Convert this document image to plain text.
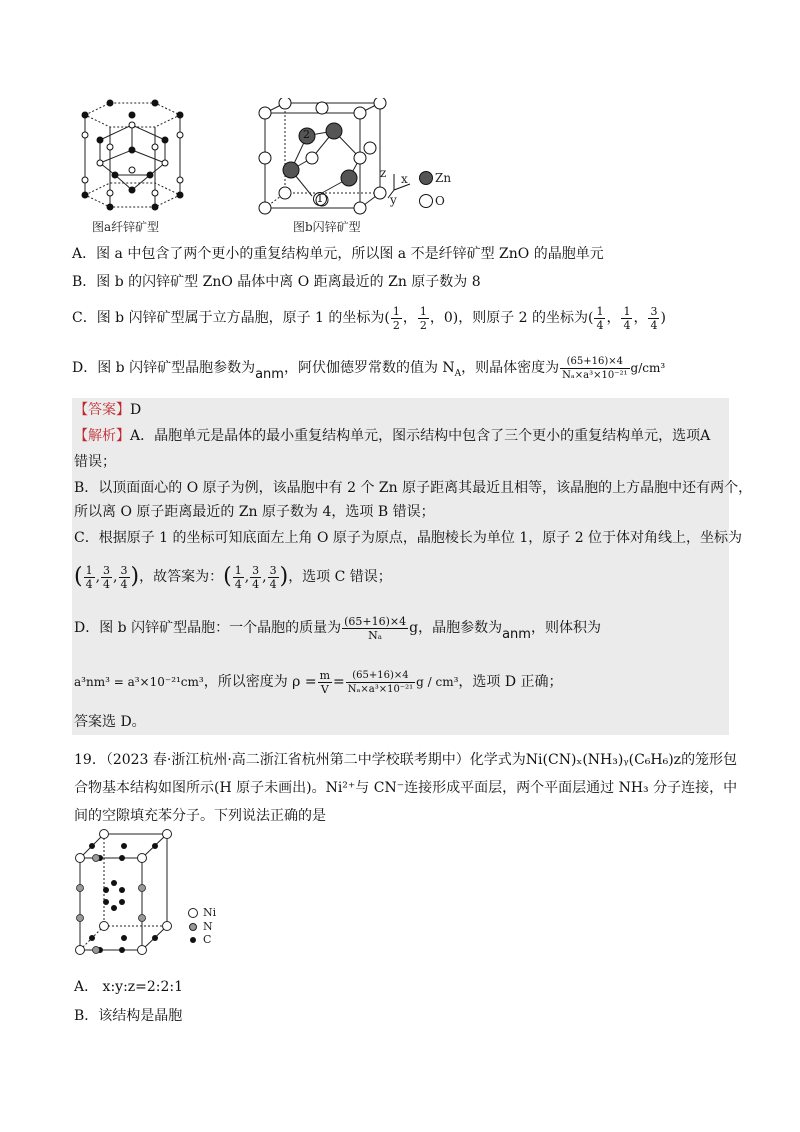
图a纤锌矿型
2
1
图b闪锌矿型
z x
y
Zn
O
A．图 a 中包含了两个更小的重复结构单元，所以图 a 不是纤锌矿型 ZnO 的晶胞单元
B．图 b 的闪锌矿型 ZnO 晶体中离 O 距离最近的 Zn 原子数为 8
C．图 b 闪锌矿型属于立方晶胞，原子 1 的坐标为( $\frac{1}{2}$ ， $\frac{1}{2}$ ，0)，则原子 2 的坐标为( $\frac{1}{4}$ ， $\frac{1}{4}$ ， $\frac{3}{4}$ )
D．图 b 闪锌矿型晶胞参数为anm，阿伏伽德罗常数的值为 $N_A$，则晶体密度为 $\frac{(65+16)\times 4}{\text{Nₐ×a³×10⁻²¹}} g/cm^3$
【答案】D
【解析】A．晶胞单元是晶体的最小重复结构单元，图示结构中包含了三个更小的重复结构单元，选项A
错误；
B．以顶面面心的 O 原子为例，该晶胞中有 2 个 Zn 原子距离其最近且相等，该晶胞的上方晶胞中还有两个，
所以离 O 原子距离最近的 Zn 原子数为 4，选项 B 错误；
C．根据原子 1 的坐标可知底面左上角 O 原子为原点，晶胞棱长为单位 1，原子 2 位于体对角线上，坐标为
( $\frac{1}{4}$ , $\frac{3}{4}$ , $\frac{3}{4}$ )，故答案为：( $\frac{1}{4}$ , $\frac{3}{4}$ , $\frac{3}{4}$ )，选项 C 错误；
D．图 b 闪锌矿型晶胞：一个晶胞的质量为 $\frac{(65+16)\times 4}{\text{Nₐ}}$ g，晶胞参数为anm，则体积为
a³nm³ = a³×10⁻²¹cm³，所以密度为 $\rho = \frac{m}{V} = \frac{(65+16)\times 4}{\text{Nₐ×a³×10⁻²¹}}$ g / cm³，选项 D 正确；
答案选 D。
19．（2023 春·浙江杭州·高二浙江省杭州第二中学校联考期中）化学式为Ni(CN)ₓ(NH₃)ᵧ(C₆H₆)z的笼形包
合物基本结构如图所示(H 原子未画出)。Ni²⁺与 CN⁻连接形成平面层，两个平面层通过 NH₃ 分子连接，中
间的空隙填充苯分子。下列说法正确的是
Ni
N
C
A． x:y:z=2:2:1
B．该结构是晶胞
